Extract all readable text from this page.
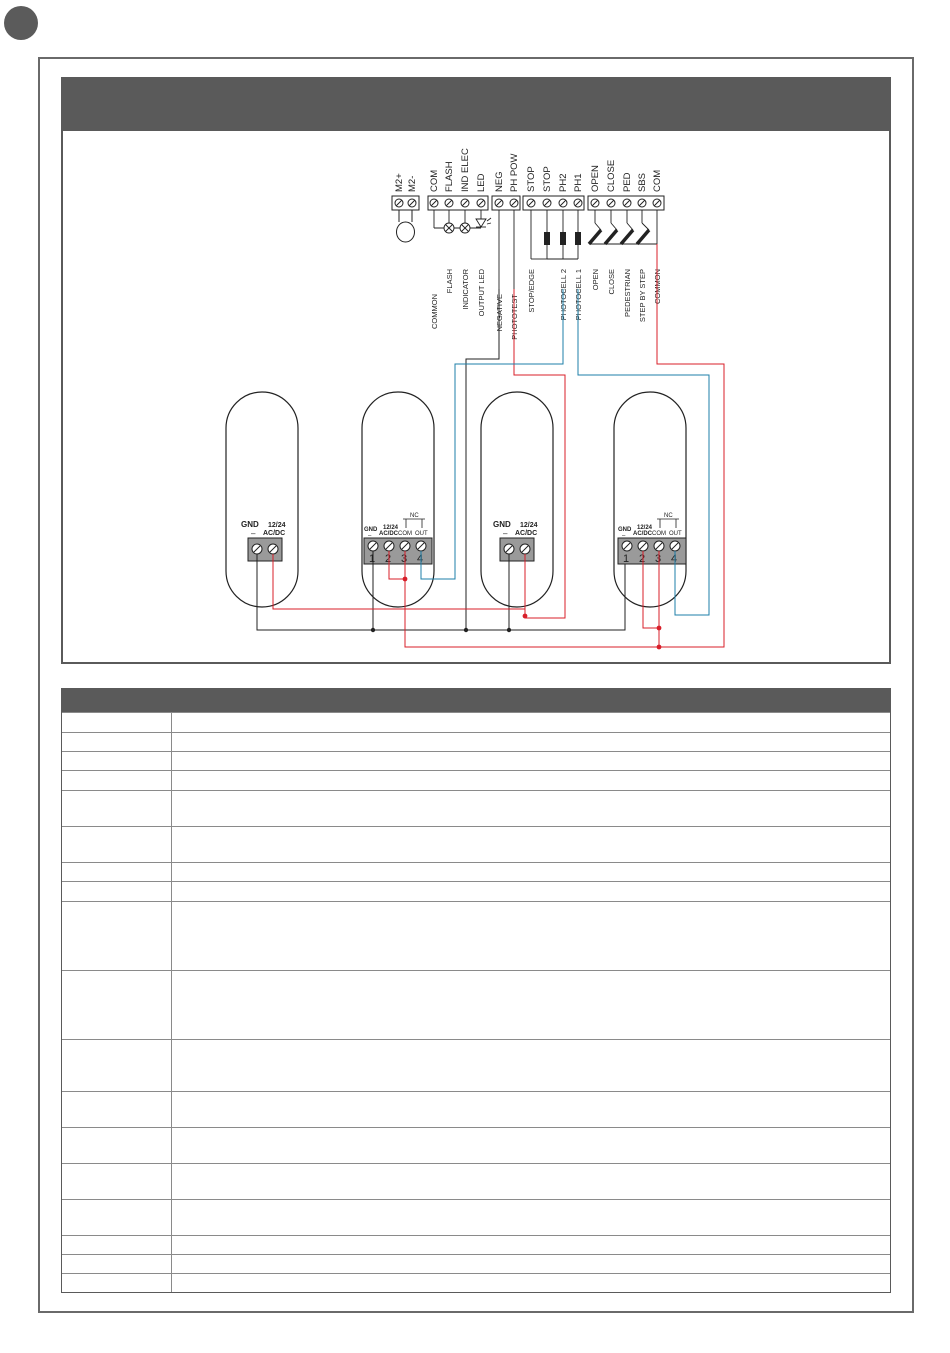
M2+ M2- COM FLASH IND ELEC LED NEG PH POW STOP STOP PH2 PH1 OPEN CLOSE PED SBS COM
COMMON
FLASH INDICATOR OUTPUT LED NEGATIVE PHOTOTEST
STOP/EDGE	PHOTOCELL 2 PHOTOCELL 1 OPEN CLOSE PEDESTRIAN STEP BY STEP COMMON
GND
–
12/24
AC/DC
1 2 3 4
GND
–
12/24
AC/DC COM OUT
NC
GND
–
12/24
AC/DC
1 2 3 4
GND
–
12/24
AC/DC COM OUT
NC
